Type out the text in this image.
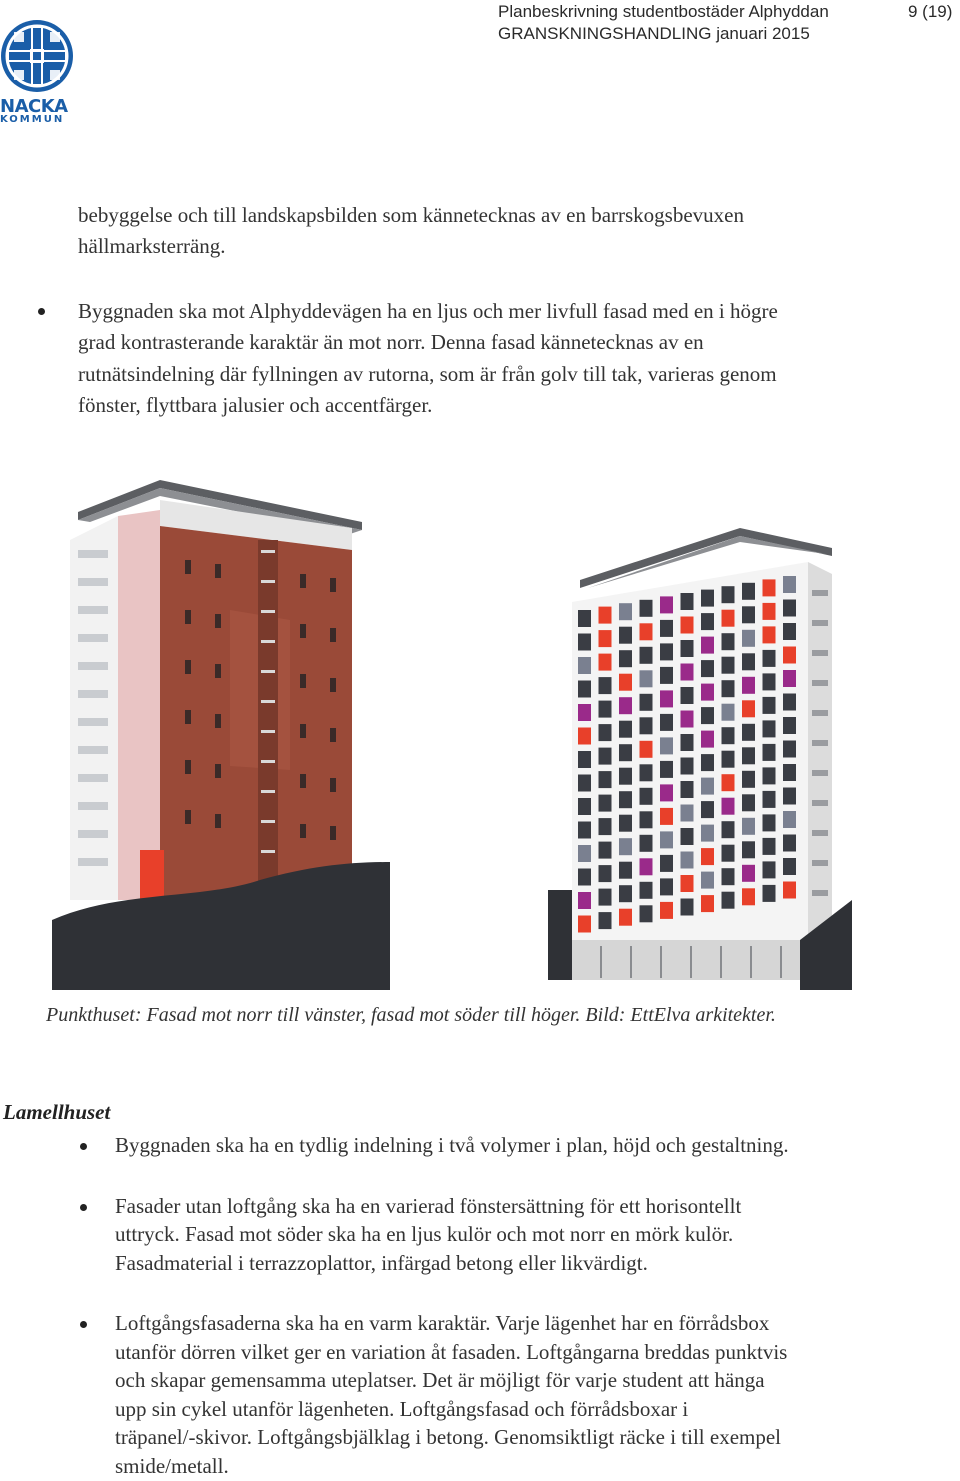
NACKA
KOMMUN
Planbeskrivning studentbostäder Alphyddan
GRANSKNINGSHANDLING januari 2015
9 (19)
bebyggelse och till landskapsbilden som kännetecknas av en barrskogsbevuxen
hällmarksterräng.
Byggnaden ska mot Alphyddevägen ha en ljus och mer livfull fasad med en i högre
grad kontrasterande karaktär än mot norr. Denna fasad kännetecknas av en
rutnätsindelning där fyllningen av rutorna, som är från golv till tak, varieras genom
fönster, flyttbara jalusier och accentfärger.
Punkthuset: Fasad mot norr till vänster, fasad mot söder till höger. Bild: EttElva arkitekter.
Lamellhuset
Byggnaden ska ha en tydlig indelning i två volymer i plan, höjd och gestaltning.
Fasader utan loftgång ska ha en varierad fönstersättning för ett horisontellt
uttryck. Fasad mot söder ska ha en ljus kulör och mot norr en mörk kulör.
Fasadmaterial i terrazzoplattor, infärgad betong eller likvärdigt.
Loftgångsfasaderna ska ha en varm karaktär. Varje lägenhet har en förrådsbox
utanför dörren vilket ger en variation åt fasaden. Loftgångarna breddas punktvis
och skapar gemensamma uteplatser. Det är möjligt för varje student att hänga
upp sin cykel utanför lägenheten. Loftgångsfasad och förrådsboxar i
träpanel/-skivor. Loftgångsbjälklag i betong. Genomsiktligt räcke i till exempel
smide/metall.
